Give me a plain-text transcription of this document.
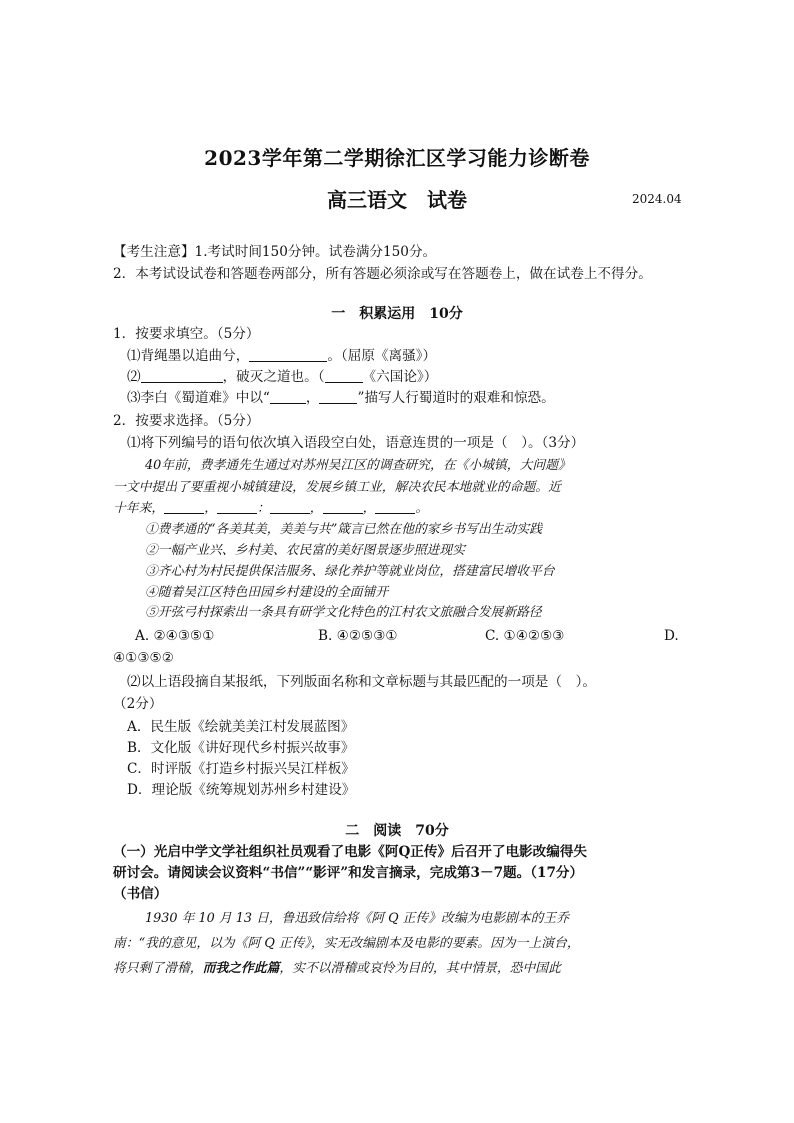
2023学年第二学期徐汇区学习能力诊断卷
高三语文　试卷	2024.04
【考生注意】1.考试时间150分钟。试卷满分150分。
2．本考试设试卷和答题卷两部分，所有答题必须涂或写在答题卷上，做在试卷上不得分。
一　积累运用　10分
1．按要求填空。（5分）
⑴背绳墨以追曲兮，	。（屈原《离骚》）
⑵	，破灭之道也。（	《六国论》）
⑶李白《蜀道难》中以“	，	”描写人行蜀道时的艰难和惊恐。
2．按要求选择。（5分）
⑴将下列编号的语句依次填入语段空白处，语意连贯的一项是（　）。（3分）
40年前，费孝通先生通过对苏州吴江区的调查研究，在《小城镇，大问题》
一文中提出了要重视小城镇建设，发展乡镇工业，解决农民本地就业的命题。近
十年来，	，	：	，	，	。
①费孝通的“各美其美，美美与共”箴言已然在他的家乡书写出生动实践
②一幅产业兴、乡村美、农民富的美好图景逐步照进现实
③齐心村为村民提供保洁服务、绿化养护等就业岗位，搭建富民增收平台
④随着吴江区特色田园乡村建设的全面铺开
⑤开弦弓村探索出一条具有研学文化特色的江村农文旅融合发展新路径
A. ②④③⑤①	B. ④②⑤③①	C. ①④②⑤③	D.
④①③⑤②
⑵以上语段摘自某报纸，下列版面名称和文章标题与其最匹配的一项是（　）。
（2分）
A．民生版《绘就美美江村发展蓝图》
B．文化版《讲好现代乡村振兴故事》
C．时评版《打造乡村振兴吴江样板》
D．理论版《统筹规划苏州乡村建设》
二　阅读　70分
（一）光启中学文学社组织社员观看了电影《阿Q正传》后召开了电影改编得失
研讨会。请阅读会议资料“书信”“影评”和发言摘录，完成第3－7题。（17分）
（书信）
1930 年 10 月 13 日，鲁迅致信给将《阿 Q 正传》改编为电影剧本的王乔
南：“我的意见，以为《阿 Q 正传》，实无改编剧本及电影的要素。因为一上演台，
将只剩了滑稽，而我之作此篇，实不以滑稽或哀怜为目的，其中情景，恐中国此
